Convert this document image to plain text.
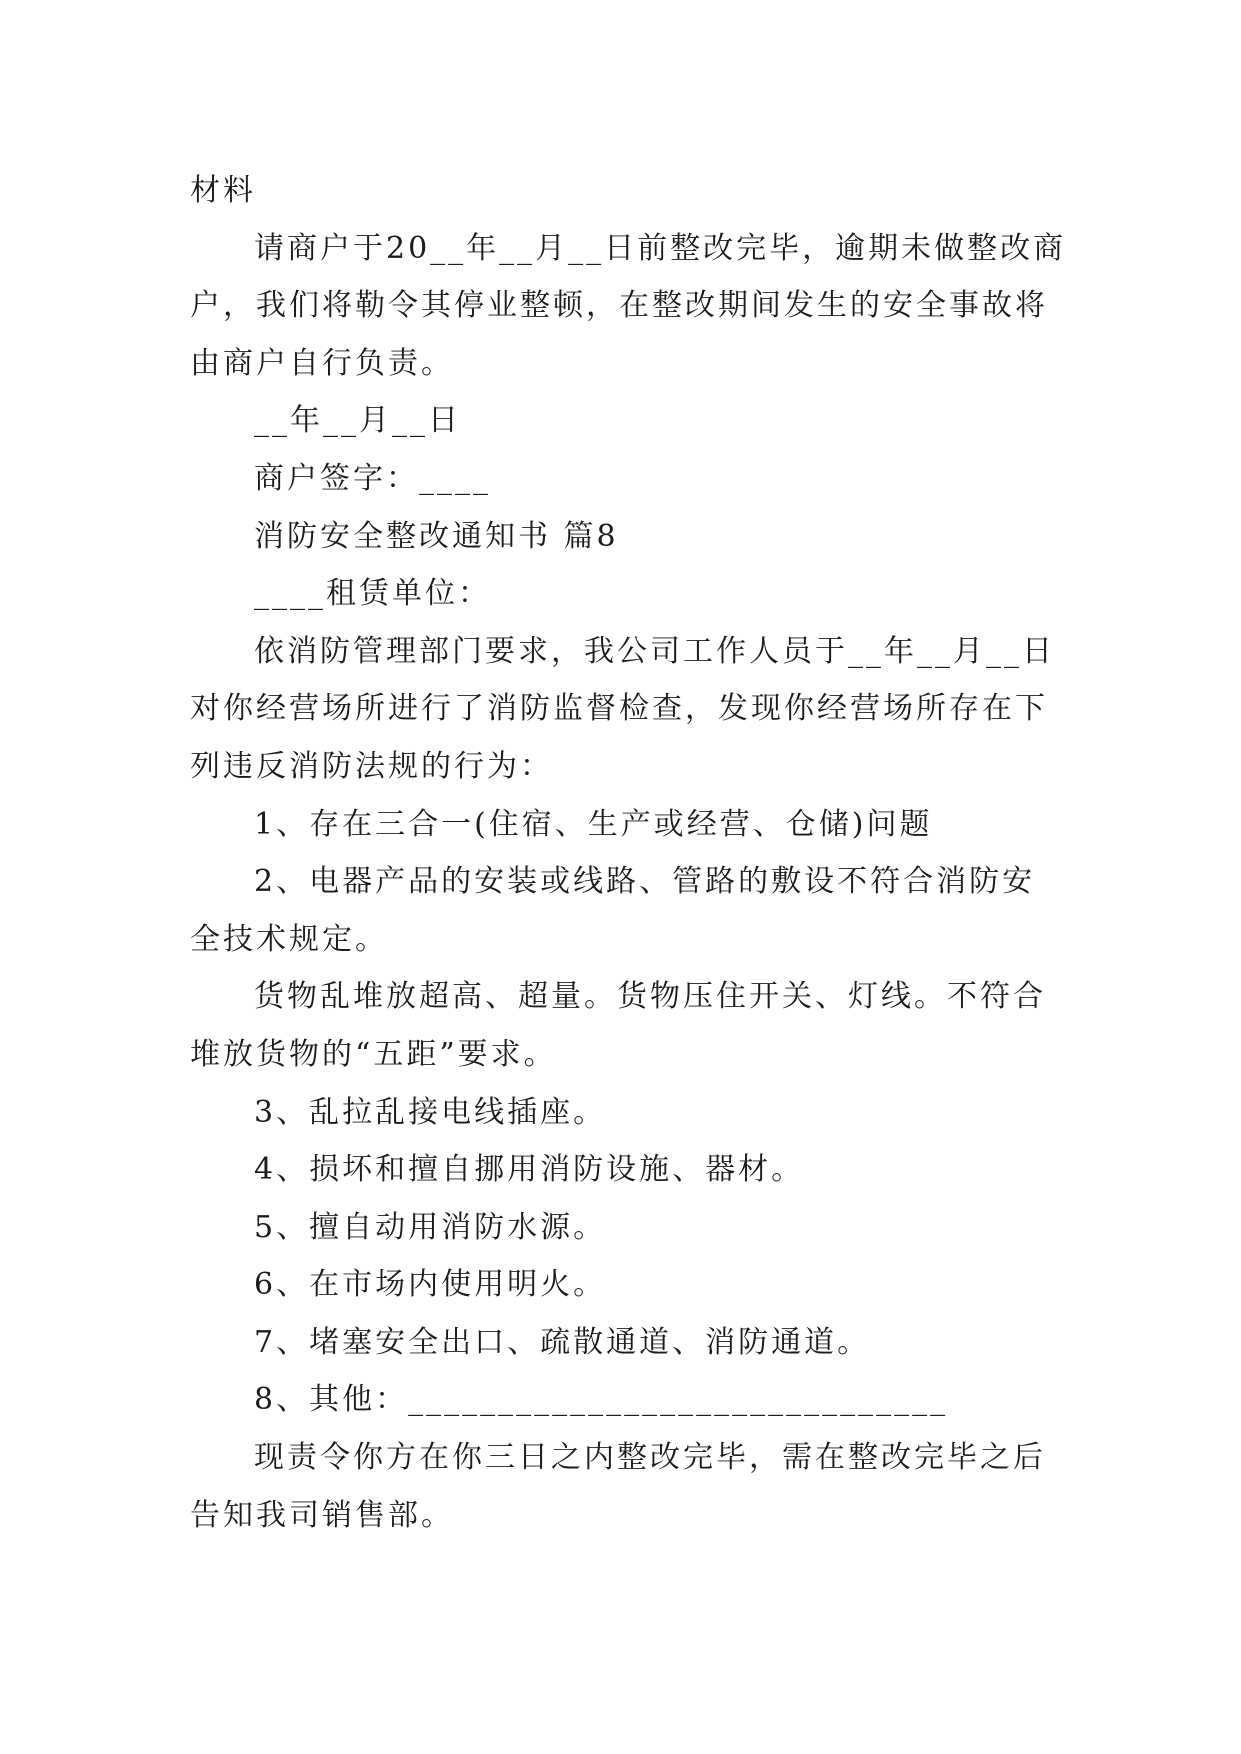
材料
请商户于20__年__月__日前整改完毕，逾期未做整改商
户，我们将勒令其停业整顿，在整改期间发生的安全事故将
由商户自行负责。
__年__月__日
商户签字：____
消防安全整改通知书 篇8
____租赁单位：
依消防管理部门要求，我公司工作人员于__年__月__日
对你经营场所进行了消防监督检查，发现你经营场所存在下
列违反消防法规的行为：
1、存在三合一(住宿、生产或经营、仓储)问题
2、电器产品的安装或线路、管路的敷设不符合消防安
全技术规定。
货物乱堆放超高、超量。货物压住开关、灯线。不符合
堆放货物的“五距”要求。
3、乱拉乱接电线插座。
4、损坏和擅自挪用消防设施、器材。
5、擅自动用消防水源。
6、在市场内使用明火。
7、堵塞安全出口、疏散通道、消防通道。
8、其他：______________________________
现责令你方在你三日之内整改完毕，需在整改完毕之后
告知我司销售部。
